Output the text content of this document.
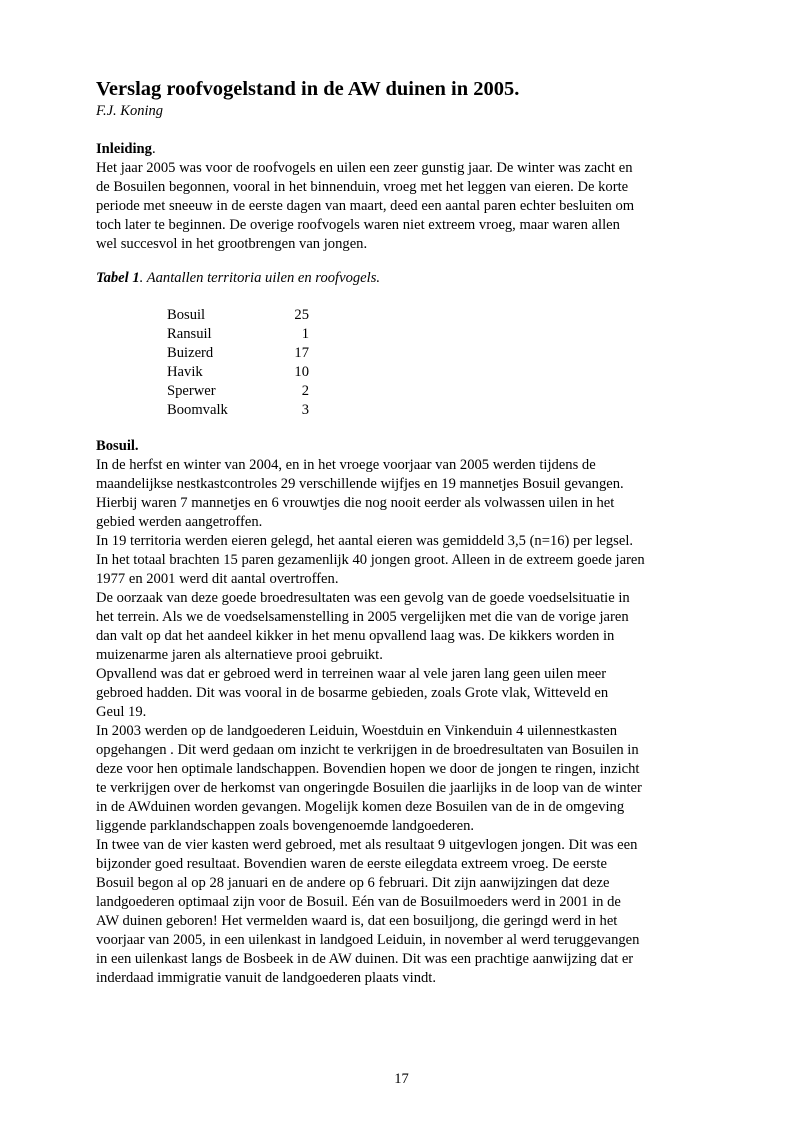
Verslag roofvogelstand in de AW duinen in 2005.
F.J. Koning
Inleiding.
Het jaar 2005 was voor de roofvogels en uilen een zeer gunstig jaar. De winter was zacht en
de Bosuilen begonnen, vooral in het binnenduin, vroeg met het leggen van eieren. De korte
periode met sneeuw in de eerste dagen van maart, deed een aantal paren echter besluiten om
toch later te beginnen. De overige roofvogels waren niet extreem vroeg, maar waren allen
wel succesvol in het grootbrengen van jongen.
Tabel 1. Aantallen territoria uilen en roofvogels.
Bosuil	25
Ransuil	1
Buizerd	17
Havik	10
Sperwer	2
Boomvalk	3
Bosuil.
In de herfst en winter van 2004, en in het vroege voorjaar van 2005 werden tijdens de
maandelijkse nestkastcontroles 29 verschillende wijfjes en 19 mannetjes Bosuil gevangen.
Hierbij waren 7 mannetjes en 6 vrouwtjes die nog nooit eerder als volwassen uilen in het
gebied werden aangetroffen.
In 19 territoria werden eieren gelegd, het aantal eieren was gemiddeld 3,5 (n=16) per legsel.
In het totaal brachten 15 paren gezamenlijk 40 jongen groot. Alleen in de extreem goede jaren
1977 en 2001 werd dit aantal overtroffen.
De oorzaak van deze goede broedresultaten was een gevolg van de goede voedselsituatie in
het terrein. Als we de voedselsamenstelling in 2005 vergelijken met die van de vorige jaren
dan valt op dat het aandeel kikker in het menu opvallend laag was. De kikkers worden in
muizenarme jaren als alternatieve prooi gebruikt.
Opvallend was dat er gebroed werd in terreinen waar al vele jaren lang geen uilen meer
gebroed hadden. Dit was vooral in de bosarme gebieden, zoals Grote vlak, Witteveld en
Geul 19.
In 2003 werden op de landgoederen Leiduin, Woestduin en Vinkenduin 4 uilennestkasten
opgehangen . Dit werd gedaan om inzicht te verkrijgen in de broedresultaten van Bosuilen in
deze voor hen optimale landschappen. Bovendien hopen we door de jongen te ringen, inzicht
te verkrijgen over de herkomst van ongeringde Bosuilen die jaarlijks in de loop van de winter
in de AWduinen worden gevangen. Mogelijk komen deze Bosuilen van de in de omgeving
liggende parklandschappen zoals bovengenoemde landgoederen.
In twee van de vier kasten werd gebroed, met als resultaat 9 uitgevlogen jongen. Dit was een
bijzonder goed resultaat. Bovendien waren de eerste eilegdata extreem vroeg. De eerste
Bosuil begon al op 28 januari en de andere op 6 februari. Dit zijn aanwijzingen dat deze
landgoederen optimaal zijn voor de Bosuil. Eén van de Bosuilmoeders werd in 2001 in de
AW duinen geboren! Het vermelden waard is, dat een bosuiljong, die geringd werd in het
voorjaar van 2005, in een uilenkast in landgoed Leiduin, in november al werd teruggevangen
in een uilenkast langs de Bosbeek in de AW duinen. Dit was een prachtige aanwijzing dat er
inderdaad immigratie vanuit de landgoederen plaats vindt.
17
